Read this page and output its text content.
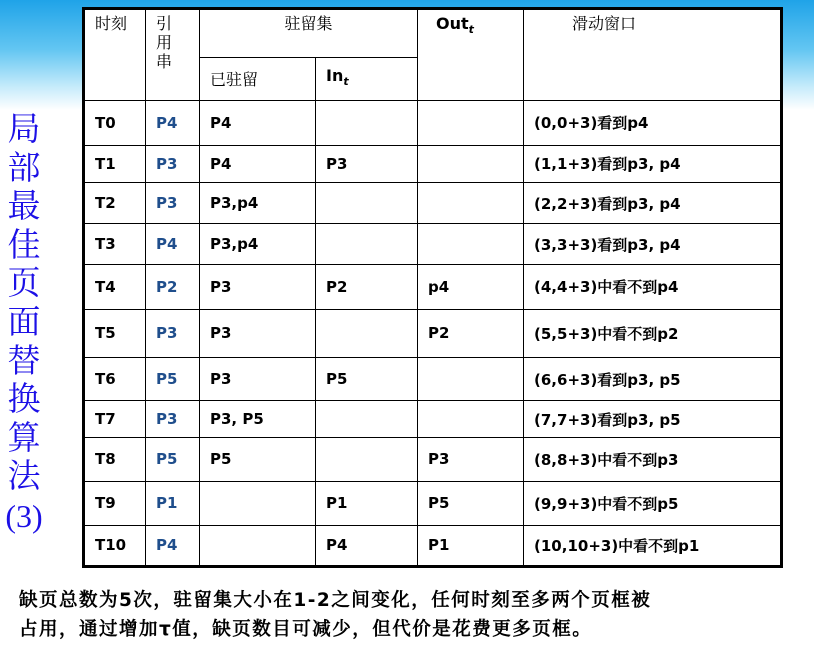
局
部
最
佳
页
面
替
换
算
法
(3)
时刻	引用串	驻留集		Out$_t$	滑动窗口
		已驻留	$In_t$
T0	P4	P4			(0,0+3)看到p4
T1	P3	P4	P3		(1,1+3)看到p3, p4
T2	P3	P3,p4			(2,2+3)看到p3, p4
T3	P4	P3,p4			(3,3+3)看到p3, p4
T4	P2	P3	P2	p4	(4,4+3)中看不到p4
T5	P3	P3		P2	(5,5+3)中看不到p2
T6	P5	P3	P5		(6,6+3)看到p3, p5
T7	P3	P3, P5			(7,7+3)看到p3, p5
T8	P5	P5		P3	(8,8+3)中看不到p3
T9	P1		P1	P5	(9,9+3)中看不到p5
T10	P4		P4	P1	(10,10+3)中看不到p1
缺页总数为5次，驻留集大小在1-2之间变化，任何时刻至多两个页框被
占用，通过增加τ值，缺页数目可减少，但代价是花费更多页框。
